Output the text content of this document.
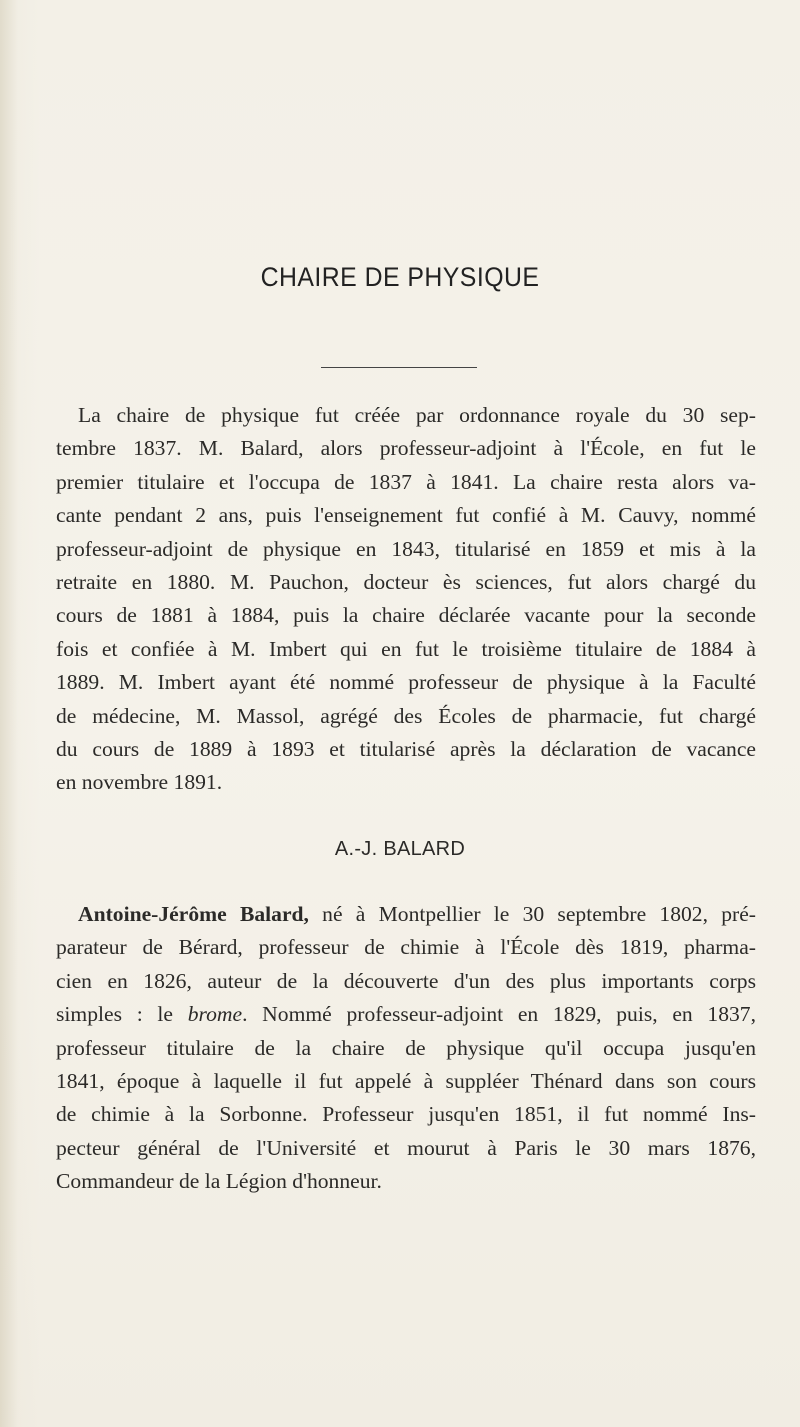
CHAIRE DE PHYSIQUE
La chaire de physique fut créée par ordonnance royale du 30 sep-
tembre 1837. M. Balard, alors professeur-adjoint à l'École, en fut le
premier titulaire et l'occupa de 1837 à 1841. La chaire resta alors va-
cante pendant 2 ans, puis l'enseignement fut confié à M. Cauvy, nommé
professeur-adjoint de physique en 1843, titularisé en 1859 et mis à la
retraite en 1880. M. Pauchon, docteur ès sciences, fut alors chargé du
cours de 1881 à 1884, puis la chaire déclarée vacante pour la seconde
fois et confiée à M. Imbert qui en fut le troisième titulaire de 1884 à
1889. M. Imbert ayant été nommé professeur de physique à la Faculté
de médecine, M. Massol, agrégé des Écoles de pharmacie, fut chargé
du cours de 1889 à 1893 et titularisé après la déclaration de vacance
en novembre 1891.
A.-J. BALARD
Antoine-Jérôme Balard, né à Montpellier le 30 septembre 1802, pré-
parateur de Bérard, professeur de chimie à l'École dès 1819, pharma-
cien en 1826, auteur de la découverte d'un des plus importants corps
simples : le brome. Nommé professeur-adjoint en 1829, puis, en 1837,
professeur titulaire de la chaire de physique qu'il occupa jusqu'en
1841, époque à laquelle il fut appelé à suppléer Thénard dans son cours
de chimie à la Sorbonne. Professeur jusqu'en 1851, il fut nommé Ins-
pecteur général de l'Université et mourut à Paris le 30 mars 1876,
Commandeur de la Légion d'honneur.
